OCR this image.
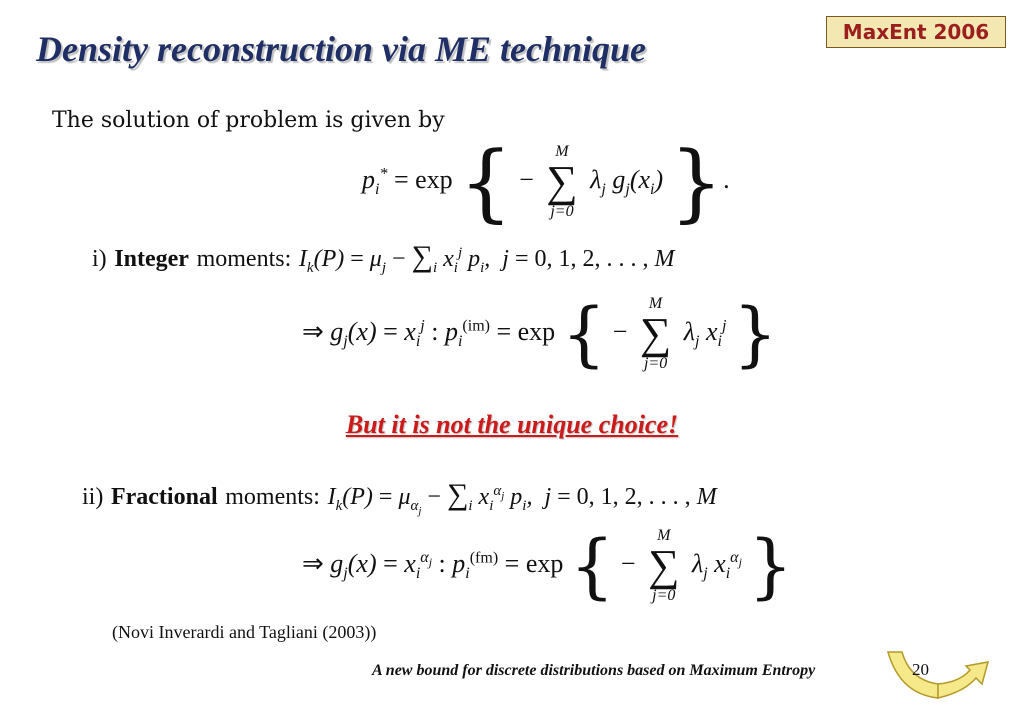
MaxEnt 2006
Density reconstruction via ME technique
The solution of problem is given by
$p_i^* = \exp$ { −
M
∑
j=0
$\lambda_j$ $g_j(x_i)$ }.
i) Integer moments: $I_k(P) = \mu_j - \sum_i$ $x_i^j$ $p_i$,  j = 0, 1, 2, . . . , M
⇒ $g_j(x) = x_i^j$ : $p_i^{(im)} = \exp$ { −
M
∑
j=0
$\lambda_j$ $x_i^j$ }
But it is not the unique choice!
ii) Fractional moments: $I_k(P) = \mu_{\alpha_j} - \sum_i$ $x_i^{\alpha_j}$ $p_i$,  j = 0, 1, 2, . . . , M
⇒ $g_j(x) = x_i^{\alpha_j}$ : $p_i^{(fm)} = \exp$ { −
M
∑
j=0
$\lambda_j$ $x_i^{\alpha_j}$ }
(Novi Inverardi and Tagliani (2003))
A new bound for discrete distributions based on Maximum Entropy	20
